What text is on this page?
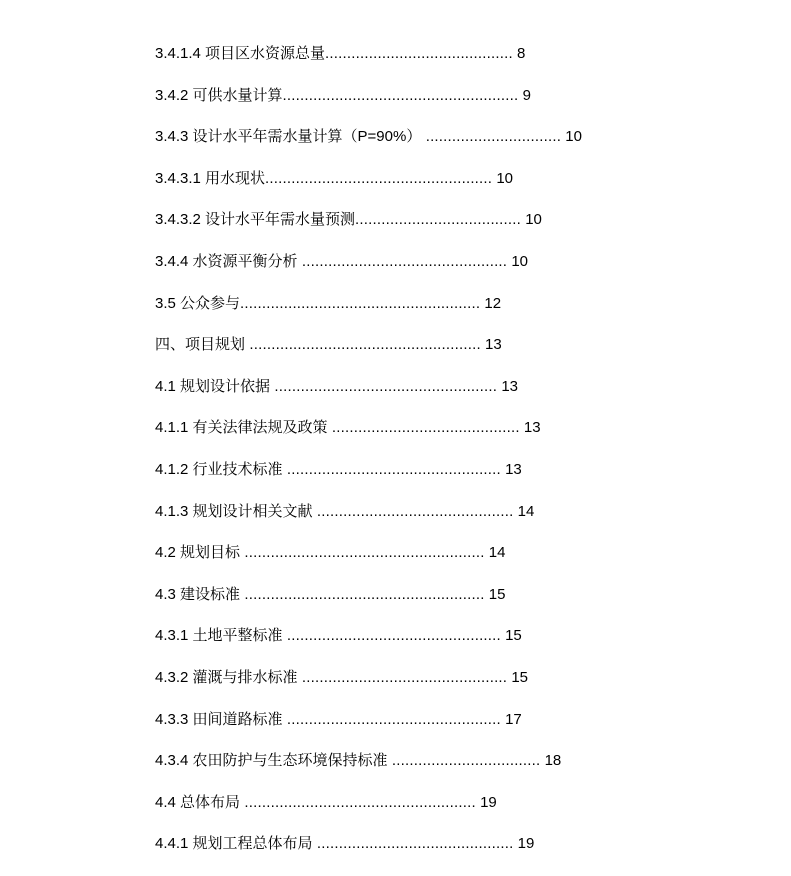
3.4.1.4 项目区水资源总量........................................... 8
3.4.2 可供水量计算...................................................... 9
3.4.3 设计水平年需水量计算（P=90%） ............................... 10
3.4.3.1 用水现状.................................................... 10
3.4.3.2 设计水平年需水量预测...................................... 10
3.4.4 水资源平衡分析 ............................................... 10
3.5 公众参与....................................................... 12
四、项目规划 ..................................................... 13
4.1 规划设计依据 ................................................... 13
4.1.1 有关法律法规及政策 ........................................... 13
4.1.2 行业技术标准 ................................................. 13
4.1.3 规划设计相关文献 ............................................. 14
4.2 规划目标 ....................................................... 14
4.3 建设标准 ....................................................... 15
4.3.1 土地平整标准 ................................................. 15
4.3.2 灌溉与排水标准 ............................................... 15
4.3.3 田间道路标准 ................................................. 17
4.3.4 农田防护与生态环境保持标准 .................................. 18
4.4 总体布局 ..................................................... 19
4.4.1 规划工程总体布局 ............................................. 19
